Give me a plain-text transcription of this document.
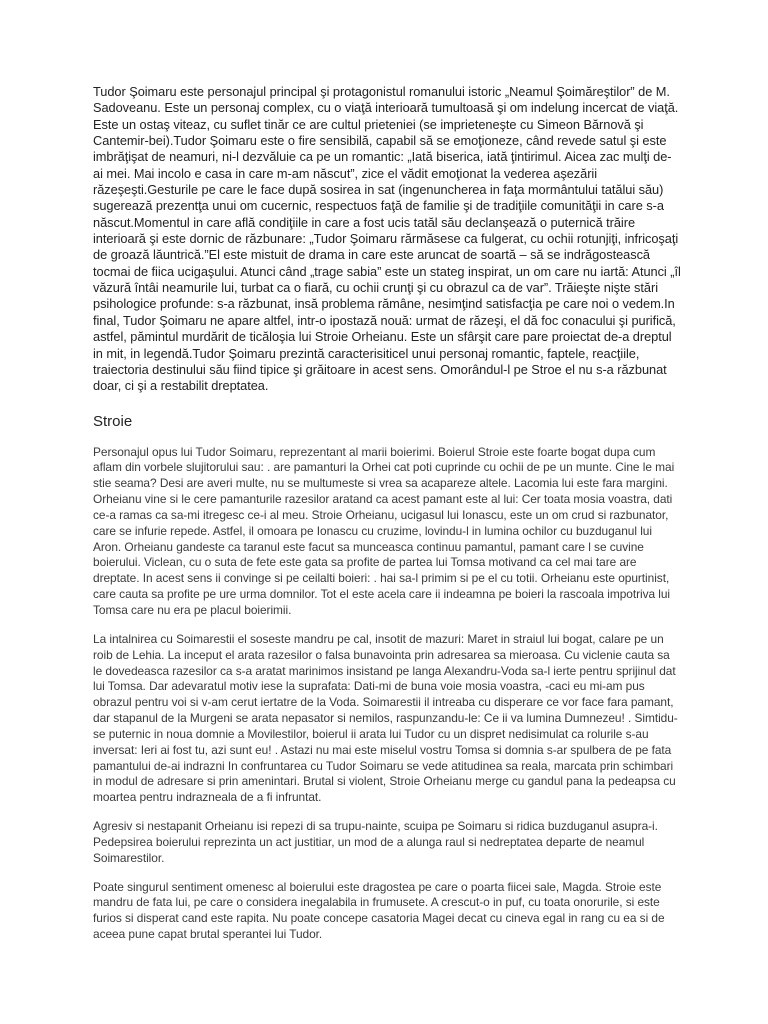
Tudor Şoimaru este personajul principal şi protagonistul romanului istoric „Neamul Şoimăreştilor” de M. Sadoveanu. Este un personaj complex, cu o viaţă interioară tumultoasă şi om indelung incercat de viaţă. Este un ostaş viteaz, cu suflet tinăr ce are cultul prieteniei (se imprieteneşte cu Simeon Bărnovă şi Cantemir-bei).Tudor Şoimaru este o fire sensibilă, capabil să se emoţioneze, când revede satul şi este imbrăţişat de neamuri, ni-l dezvăluie ca pe un romantic: „Iată biserica, iată ţintirimul. Aicea zac mulţi de-ai mei. Mai incolo e casa in care m-am născut”, zice el vădit emoţionat la vederea aşezării răzeşeşti.Gesturile pe care le face după sosirea in sat (ingenuncherea in faţa mormântului tatălui său) sugerează prezentţa unui om cucernic, respectuos faţă de familie şi de tradiţiile comunităţii in care s-a născut.Momentul in care află condiţiile in care a fost ucis tatăl său declanşează o puternică trăire interioară şi este dornic de răzbunare: „Tudor Şoimaru rărmăsese ca fulgerat, cu ochii rotunjiţi, infricoşaţi de groază lăuntrică.”El este mistuit de drama in care este aruncat de soartă – să se indrăgostească tocmai de fiica ucigaşului. Atunci când „trage sabia” este un stateg inspirat, un om care nu iartă: Atunci „îl văzură întâi neamurile lui, turbat ca o fiară, cu ochii crunţi şi cu obrazul ca de var”. Trăieşte nişte stări psihologice profunde: s-a răzbunat, insă problema rămâne, nesimţind satisfacţia pe care noi o vedem.In final, Tudor Şoimaru ne apare altfel, intr-o ipostază nouă: urmat de răzeşi, el dă foc conacului şi purifică, astfel, pămintul murdărit de ticăloşia lui Stroie Orheianu. Este un sfârşit care pare proiectat de-a dreptul in mit, in legendă.Tudor Şoimaru prezintă caracterisiticel unui personaj romantic, faptele, reacţiile, traiectoria destinului său fiind tipice şi grăitoare in acest sens. Omorândul-l pe Stroe el nu s-a răzbunat doar, ci şi a restabilit dreptatea.

Stroie

Personajul opus lui Tudor Soimaru, reprezentant al marii boierimi. Boierul Stroie este foarte bogat dupa cum aflam din vorbele slujitorului sau: . are pamanturi la Orhei cat poti cuprinde cu ochii de pe un munte. Cine le mai stie seama? Desi are averi multe, nu se multumeste si vrea sa acapareze altele. Lacomia lui este fara margini. Orheianu vine si le cere pamanturile razesilor aratand ca acest pamant este al lui: Cer toata mosia voastra, dati ce-a ramas ca sa-mi itregesc ce-i al meu. Stroie Orheianu, ucigasul lui Ionascu, este un om crud si razbunator, care se infurie repede. Astfel, il omoara pe Ionascu cu cruzime, lovindu-l in lumina ochilor cu buzduganul lui Aron. Orheianu gandeste ca taranul este facut sa munceasca continuu pamantul, pamant care l se cuvine boierului. Viclean, cu o suta de fete este gata sa profite de partea lui Tomsa motivand ca cel mai tare are dreptate. In acest sens ii convinge si pe ceilalti boieri: . hai sa-l primim si pe el cu totii. Orheianu este opurtinist, care cauta sa profite pe ure urma domnilor. Tot el este acela care ii indeamna pe boieri la rascoala impotriva lui Tomsa care nu era pe placul boierimii.

La intalnirea cu Soimarestii el soseste mandru pe cal, insotit de mazuri: Maret in straiul lui bogat, calare pe un roib de Lehia. La inceput el arata razesilor o falsa bunavointa prin adresarea sa mieroasa. Cu viclenie cauta sa le dovedeasca razesilor ca s-a aratat marinimos insistand pe langa Alexandru-Voda sa-l ierte pentru sprijinul dat lui Tomsa. Dar adevaratul motiv iese la suprafata: Dati-mi de buna voie mosia voastra, -caci eu mi-am pus obrazul pentru voi si v-am cerut iertatre de la Voda. Soimarestii il intreaba cu disperare ce vor face fara pamant, dar stapanul de la Murgeni se arata nepasator si nemilos, raspunzandu-le: Ce ii va lumina Dumnezeu! . Simtidu-se puternic in noua domnie a Movilestilor, boierul ii arata lui Tudor cu un dispret nedisimulat ca rolurile s-au inversat: Ieri ai fost tu, azi sunt eu! . Astazi nu mai este miselul vostru Tomsa si domnia s-ar spulbera de pe fata pamantului de-ai indrazni In confruntarea cu Tudor Soimaru se vede atitudinea sa reala, marcata prin schimbari in modul de adresare si prin amenintari. Brutal si violent, Stroie Orheianu merge cu gandul pana la pedeapsa cu moartea pentru indrazneala de a fi infruntat.

Agresiv si nestapanit Orheianu isi repezi di sa trupu-nainte, scuipa pe Soimaru si ridica buzduganul asupra-i. Pedepsirea boierului reprezinta un act justitiar, un mod de a alunga raul si nedreptatea departe de neamul Soimarestilor.

Poate singurul sentiment omenesc al boierului este dragostea pe care o poarta fiicei sale, Magda. Stroie este mandru de fata lui, pe care o considera inegalabila in frumusete. A crescut-o in puf, cu toata onorurile, si este furios si disperat cand este rapita. Nu poate concepe casatoria Magei decat cu cineva egal in rang cu ea si de aceea pune capat brutal sperantei lui Tudor.
